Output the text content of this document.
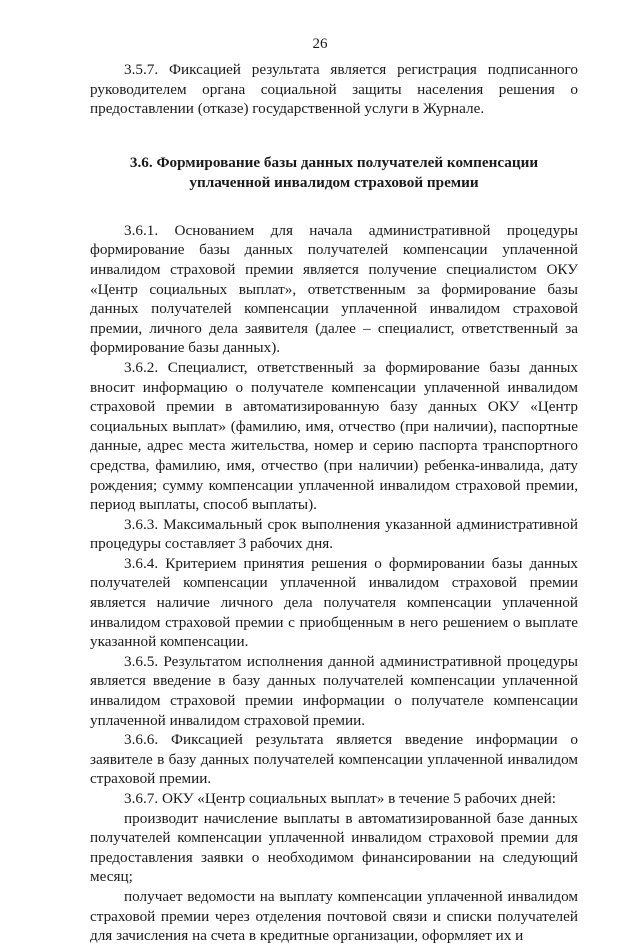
26

3.5.7. Фиксацией результата является регистрация подписанного руководителем органа социальной защиты населения решения о предоставлении (отказе) государственной услуги в Журнале.

3.6. Формирование базы данных получателей компенсации уплаченной инвалидом страховой премии

3.6.1. Основанием для начала административной процедуры формирование базы данных получателей компенсации уплаченной инвалидом страховой премии является получение специалистом ОКУ «Центр социальных выплат», ответственным за формирование базы данных получателей компенсации уплаченной инвалидом страховой премии, личного дела заявителя (далее – специалист, ответственный за формирование базы данных).

3.6.2. Специалист, ответственный за формирование базы данных вносит информацию о получателе компенсации уплаченной инвалидом страховой премии в автоматизированную базу данных ОКУ «Центр социальных выплат» (фамилию, имя, отчество (при наличии), паспортные данные, адрес места жительства, номер и серию паспорта транспортного средства, фамилию, имя, отчество (при наличии) ребенка-инвалида, дату рождения; сумму компенсации уплаченной инвалидом страховой премии, период выплаты, способ выплаты).

3.6.3. Максимальный срок выполнения указанной административной процедуры составляет 3 рабочих дня.

3.6.4. Критерием принятия решения о формировании базы данных получателей компенсации уплаченной инвалидом страховой премии является наличие личного дела получателя компенсации уплаченной инвалидом страховой премии с приобщенным в него решением о выплате указанной компенсации.

3.6.5. Результатом исполнения данной административной процедуры является введение в базу данных получателей компенсации уплаченной инвалидом страховой премии информации о получателе компенсации уплаченной инвалидом страховой премии.

3.6.6. Фиксацией результата является введение информации о заявителе в базу данных получателей компенсации уплаченной инвалидом страховой премии.

3.6.7. ОКУ «Центр социальных выплат» в течение 5 рабочих дней:

производит начисление выплаты в автоматизированной базе данных получателей компенсации уплаченной инвалидом страховой премии для предоставления заявки о необходимом финансировании на следующий месяц;

получает ведомости на выплату компенсации уплаченной инвалидом страховой премии через отделения почтовой связи и списки получателей для зачисления на счета в кредитные организации, оформляет их и
